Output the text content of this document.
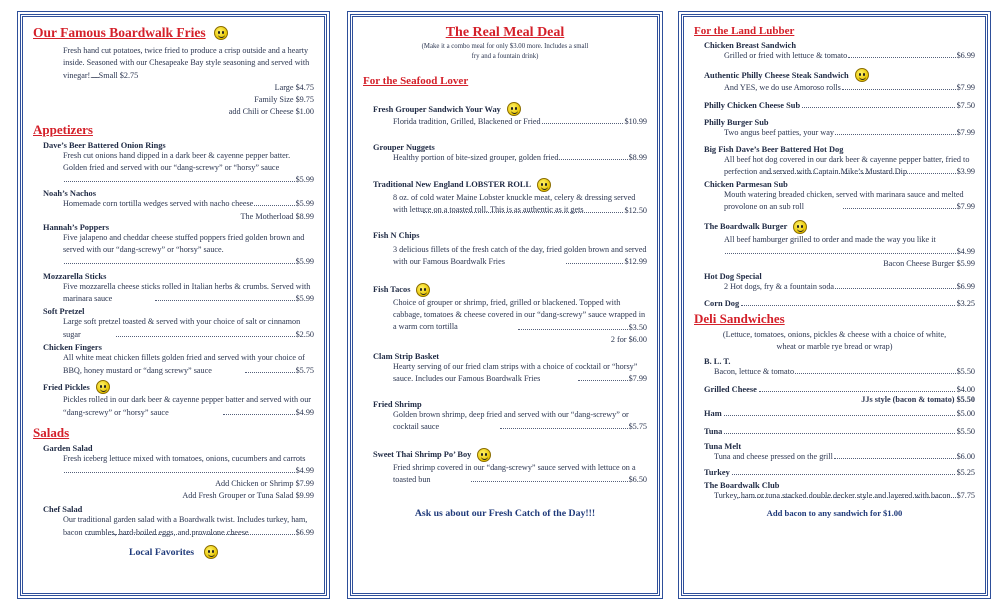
Our Famous Boardwalk Fries
Fresh hand cut potatoes, twice fried to produce a crisp outside and a hearty inside. Seasoned with our Chesapeake Bay style seasoning and served with vinegar!........Small $2.75
Large $4.75
Family Size $9.75
add Chili or Cheese $1.00
Appetizers
Dave’s Beer Battered Onion Rings
Fresh cut onions hand dipped in a dark beer & cayenne pepper batter. Golden fried and served with our “dang-screwy” or “horsy” sauce
$5.99
Noah’s Nachos
Homemade corn tortilla wedges served with nacho cheese	$5.99
The Motherload $8.99
Hannah’s Poppers
Five jalapeno and cheddar cheese stuffed poppers fried golden brown and served with our “dang-screwy” or “horsy” sauce.
$5.99
Mozzarella Sticks
Five mozzarella cheese sticks rolled in Italian herbs & crumbs. Served with marinara sauce	$5.99
Soft Pretzel
Large soft pretzel toasted & served with your choice of salt or cinnamon sugar	$2.50
Chicken Fingers
All white meat chicken fillets golden fried and served with your choice of BBQ, honey mustard or “dang screwy” sauce	$5.75
Fried Pickles
Pickles rolled in our dark beer & cayenne pepper batter and served with our “dang-screwy” or “horsy” sauce	$4.99
Salads
Garden Salad
Fresh iceberg lettuce mixed with tomatoes, onions, cucumbers and carrots
$4.99
Add Chicken or Shrimp $7.99
Add Fresh Grouper or Tuna Salad $9.99
Chef Salad
Our traditional garden salad with a Boardwalk twist. Includes turkey, ham, bacon crumbles, hard-boiled eggs, and provolone cheese	$6.99
Local Favorites
The Real Meal Deal
(Make it a combo meal for only $3.00 more. Includes a small
fry and a fountain drink)
For the Seafood Lover
Fresh Grouper Sandwich Your Way
Florida tradition, Grilled, Blackened or Fried	$10.99
Grouper Nuggets
Healthy portion of bite-sized grouper, golden fried	$8.99
Traditional New England LOBSTER ROLL
8 oz. of cold water Maine Lobster knuckle meat, celery & dressing served with lettuce on a toasted roll. This is as authentic as it gets	$12.50
Fish N Chips
3 delicious fillets of the fresh catch of the day, fried golden brown and served with our Famous Boardwalk Fries	$12.99
Fish Tacos
Choice of grouper or shrimp, fried, grilled or blackened. Topped with cabbage, tomatoes & cheese covered in our “dang-screwy” sauce wrapped in a warm corn tortilla	$3.50
2 for $6.00
Clam Strip Basket
Hearty serving of our fried clam strips with a choice of cocktail or “horsy” sauce. Includes our Famous Boardwalk Fries	$7.99
Fried Shrimp
Golden brown shrimp, deep fried and served with our “dang-screwy” or cocktail sauce	$5.75
Sweet Thai Shrimp Po’ Boy
Fried shrimp covered in our “dang-screwy” sauce served with lettuce on a toasted bun	$6.50
Ask us about our Fresh Catch of the Day!!!
For the Land Lubber
Chicken Breast Sandwich
Grilled or fried with lettuce & tomato	$6.99
Authentic Philly Cheese Steak Sandwich
And YES, we do use Amoroso rolls	$7.99
Philly Chicken Cheese Sub	$7.50
Philly Burger Sub
Two angus beef patties, your way	$7.99
Big Fish Dave’s Beer Battered Hot Dog
All beef hot dog covered in our dark beer & cayenne pepper batter, fried to perfection and served with Captain Mike’s Mustard Dip	$3.99
Chicken Parmesan Sub
Mouth watering breaded chicken, served with marinara sauce and melted provolone on an sub roll	$7.99
The Boardwalk Burger
All beef hamburger grilled to order and made the way you like it
$4.99
Bacon Cheese Burger $5.99
Hot Dog Special
2 Hot dogs, fry & a fountain soda	$6.99
Corn Dog	$3.25
Deli Sandwiches
(Lettuce, tomatoes, onions, pickles & cheese with a choice of white,
wheat or marble rye bread or wrap)
B. L. T.
Bacon, lettuce & tomato	$5.50
Grilled Cheese	$4.00
JJs style (bacon & tomato) $5.50
Ham	$5.00
Tuna	$5.50
Tuna Melt
Tuna and cheese pressed on the grill	$6.00
Turkey	$5.25
The Boardwalk Club
Turkey, ham or tuna stacked double decker style and layered with bacon $7.75
Add bacon to any sandwich for $1.00
